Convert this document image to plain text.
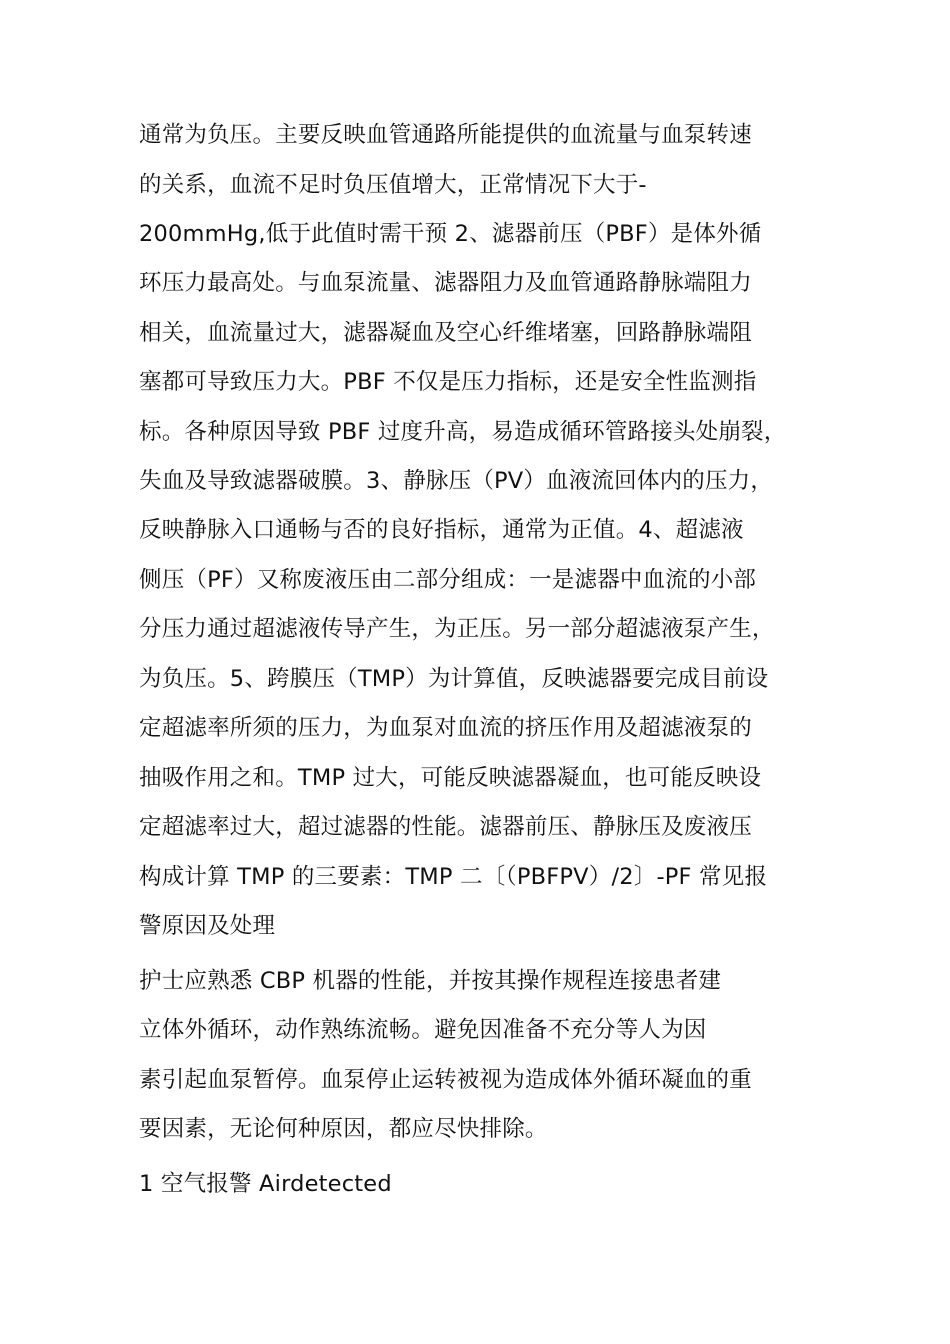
通常为负压。主要反映血管通路所能提供的血流量与血泵转速
的关系，血流不足时负压值增大，正常情况下大于-
200mmHg,低于此值时需干预 2、滤器前压（PBF）是体外循
环压力最高处。与血泵流量、滤器阻力及血管通路静脉端阻力
相关，血流量过大，滤器凝血及空心纤维堵塞，回路静脉端阻
塞都可导致压力大。PBF 不仅是压力指标，还是安全性监测指
标。各种原因导致 PBF 过度升高，易造成循环管路接头处崩裂，
失血及导致滤器破膜。3、静脉压（PV）血液流回体内的压力，
反映静脉入口通畅与否的良好指标，通常为正值。4、超滤液
侧压（PF）又称废液压由二部分组成：一是滤器中血流的小部
分压力通过超滤液传导产生，为正压。另一部分超滤液泵产生，
为负压。5、跨膜压（TMP）为计算值，反映滤器要完成目前设
定超滤率所须的压力，为血泵对血流的挤压作用及超滤液泵的
抽吸作用之和。TMP 过大，可能反映滤器凝血，也可能反映设
定超滤率过大，超过滤器的性能。滤器前压、静脉压及废液压
构成计算 TMP 的三要素：TMP 二〔（PBFPV）/2〕-PF 常见报
警原因及处理
护士应熟悉 CBP 机器的性能，并按其操作规程连接患者建
立体外循环，动作熟练流畅。避免因准备不充分等人为因
素引起血泵暂停。血泵停止运转被视为造成体外循环凝血的重
要因素，无论何种原因，都应尽快排除。
1 空气报警 Airdetected
